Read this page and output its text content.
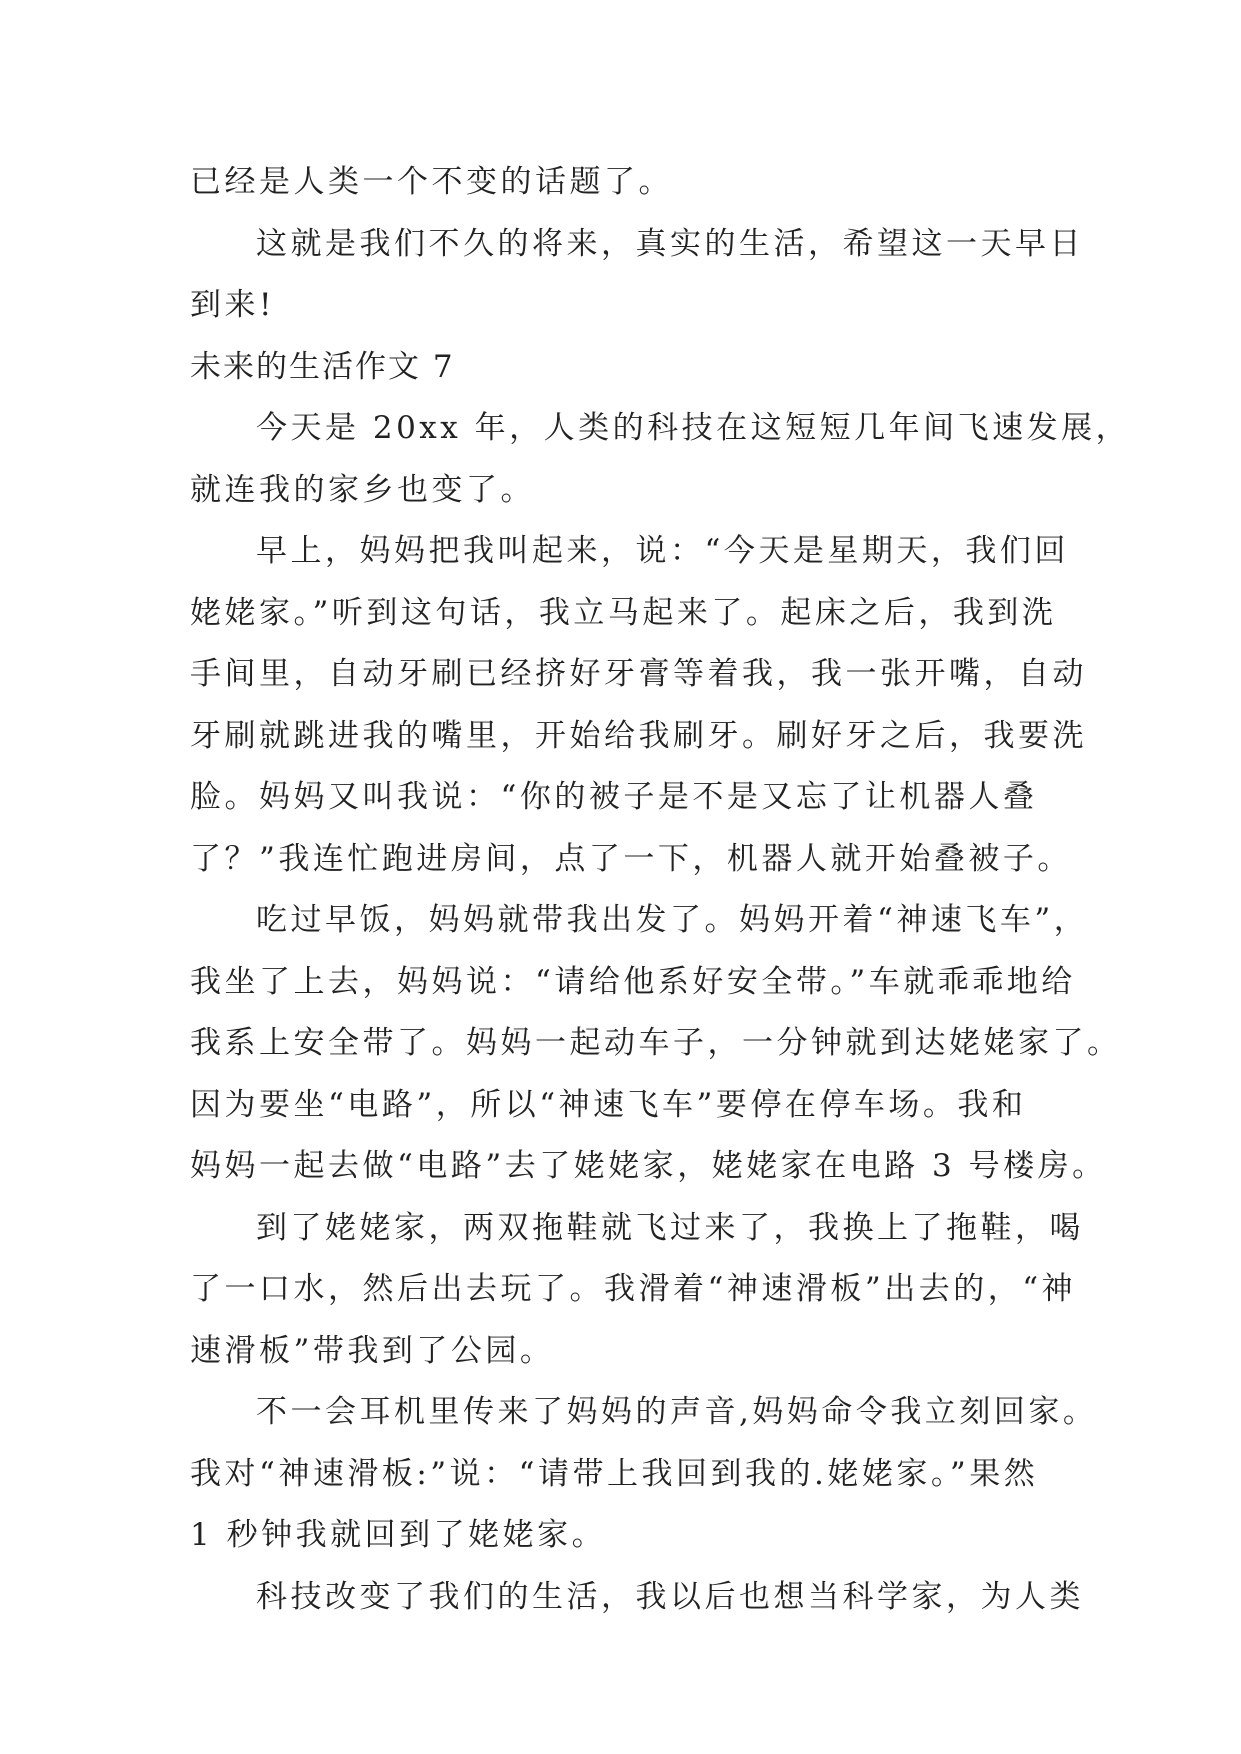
已经是人类一个不变的话题了。
这就是我们不久的将来，真实的生活，希望这一天早日
到来!
未来的生活作文 7
今天是 20xx 年，人类的科技在这短短几年间飞速发展，
就连我的家乡也变了。
早上，妈妈把我叫起来，说：“今天是星期天，我们回
姥姥家。”听到这句话，我立马起来了。起床之后，我到洗
手间里，自动牙刷已经挤好牙膏等着我，我一张开嘴，自动
牙刷就跳进我的嘴里，开始给我刷牙。刷好牙之后，我要洗
脸。妈妈又叫我说：“你的被子是不是又忘了让机器人叠
了？”我连忙跑进房间，点了一下，机器人就开始叠被子。
吃过早饭，妈妈就带我出发了。妈妈开着“神速飞车”，
我坐了上去，妈妈说：“请给他系好安全带。”车就乖乖地给
我系上安全带了。妈妈一起动车子，一分钟就到达姥姥家了。
因为要坐“电路”，所以“神速飞车”要停在停车场。我和
妈妈一起去做“电路”去了姥姥家，姥姥家在电路 3 号楼房。
到了姥姥家，两双拖鞋就飞过来了，我换上了拖鞋，喝
了一口水，然后出去玩了。我滑着“神速滑板”出去的，“神
速滑板”带我到了公园。
不一会耳机里传来了妈妈的声音,妈妈命令我立刻回家。
我对“神速滑板:”说：“请带上我回到我的.姥姥家。”果然
1 秒钟我就回到了姥姥家。
科技改变了我们的生活，我以后也想当科学家，为人类
